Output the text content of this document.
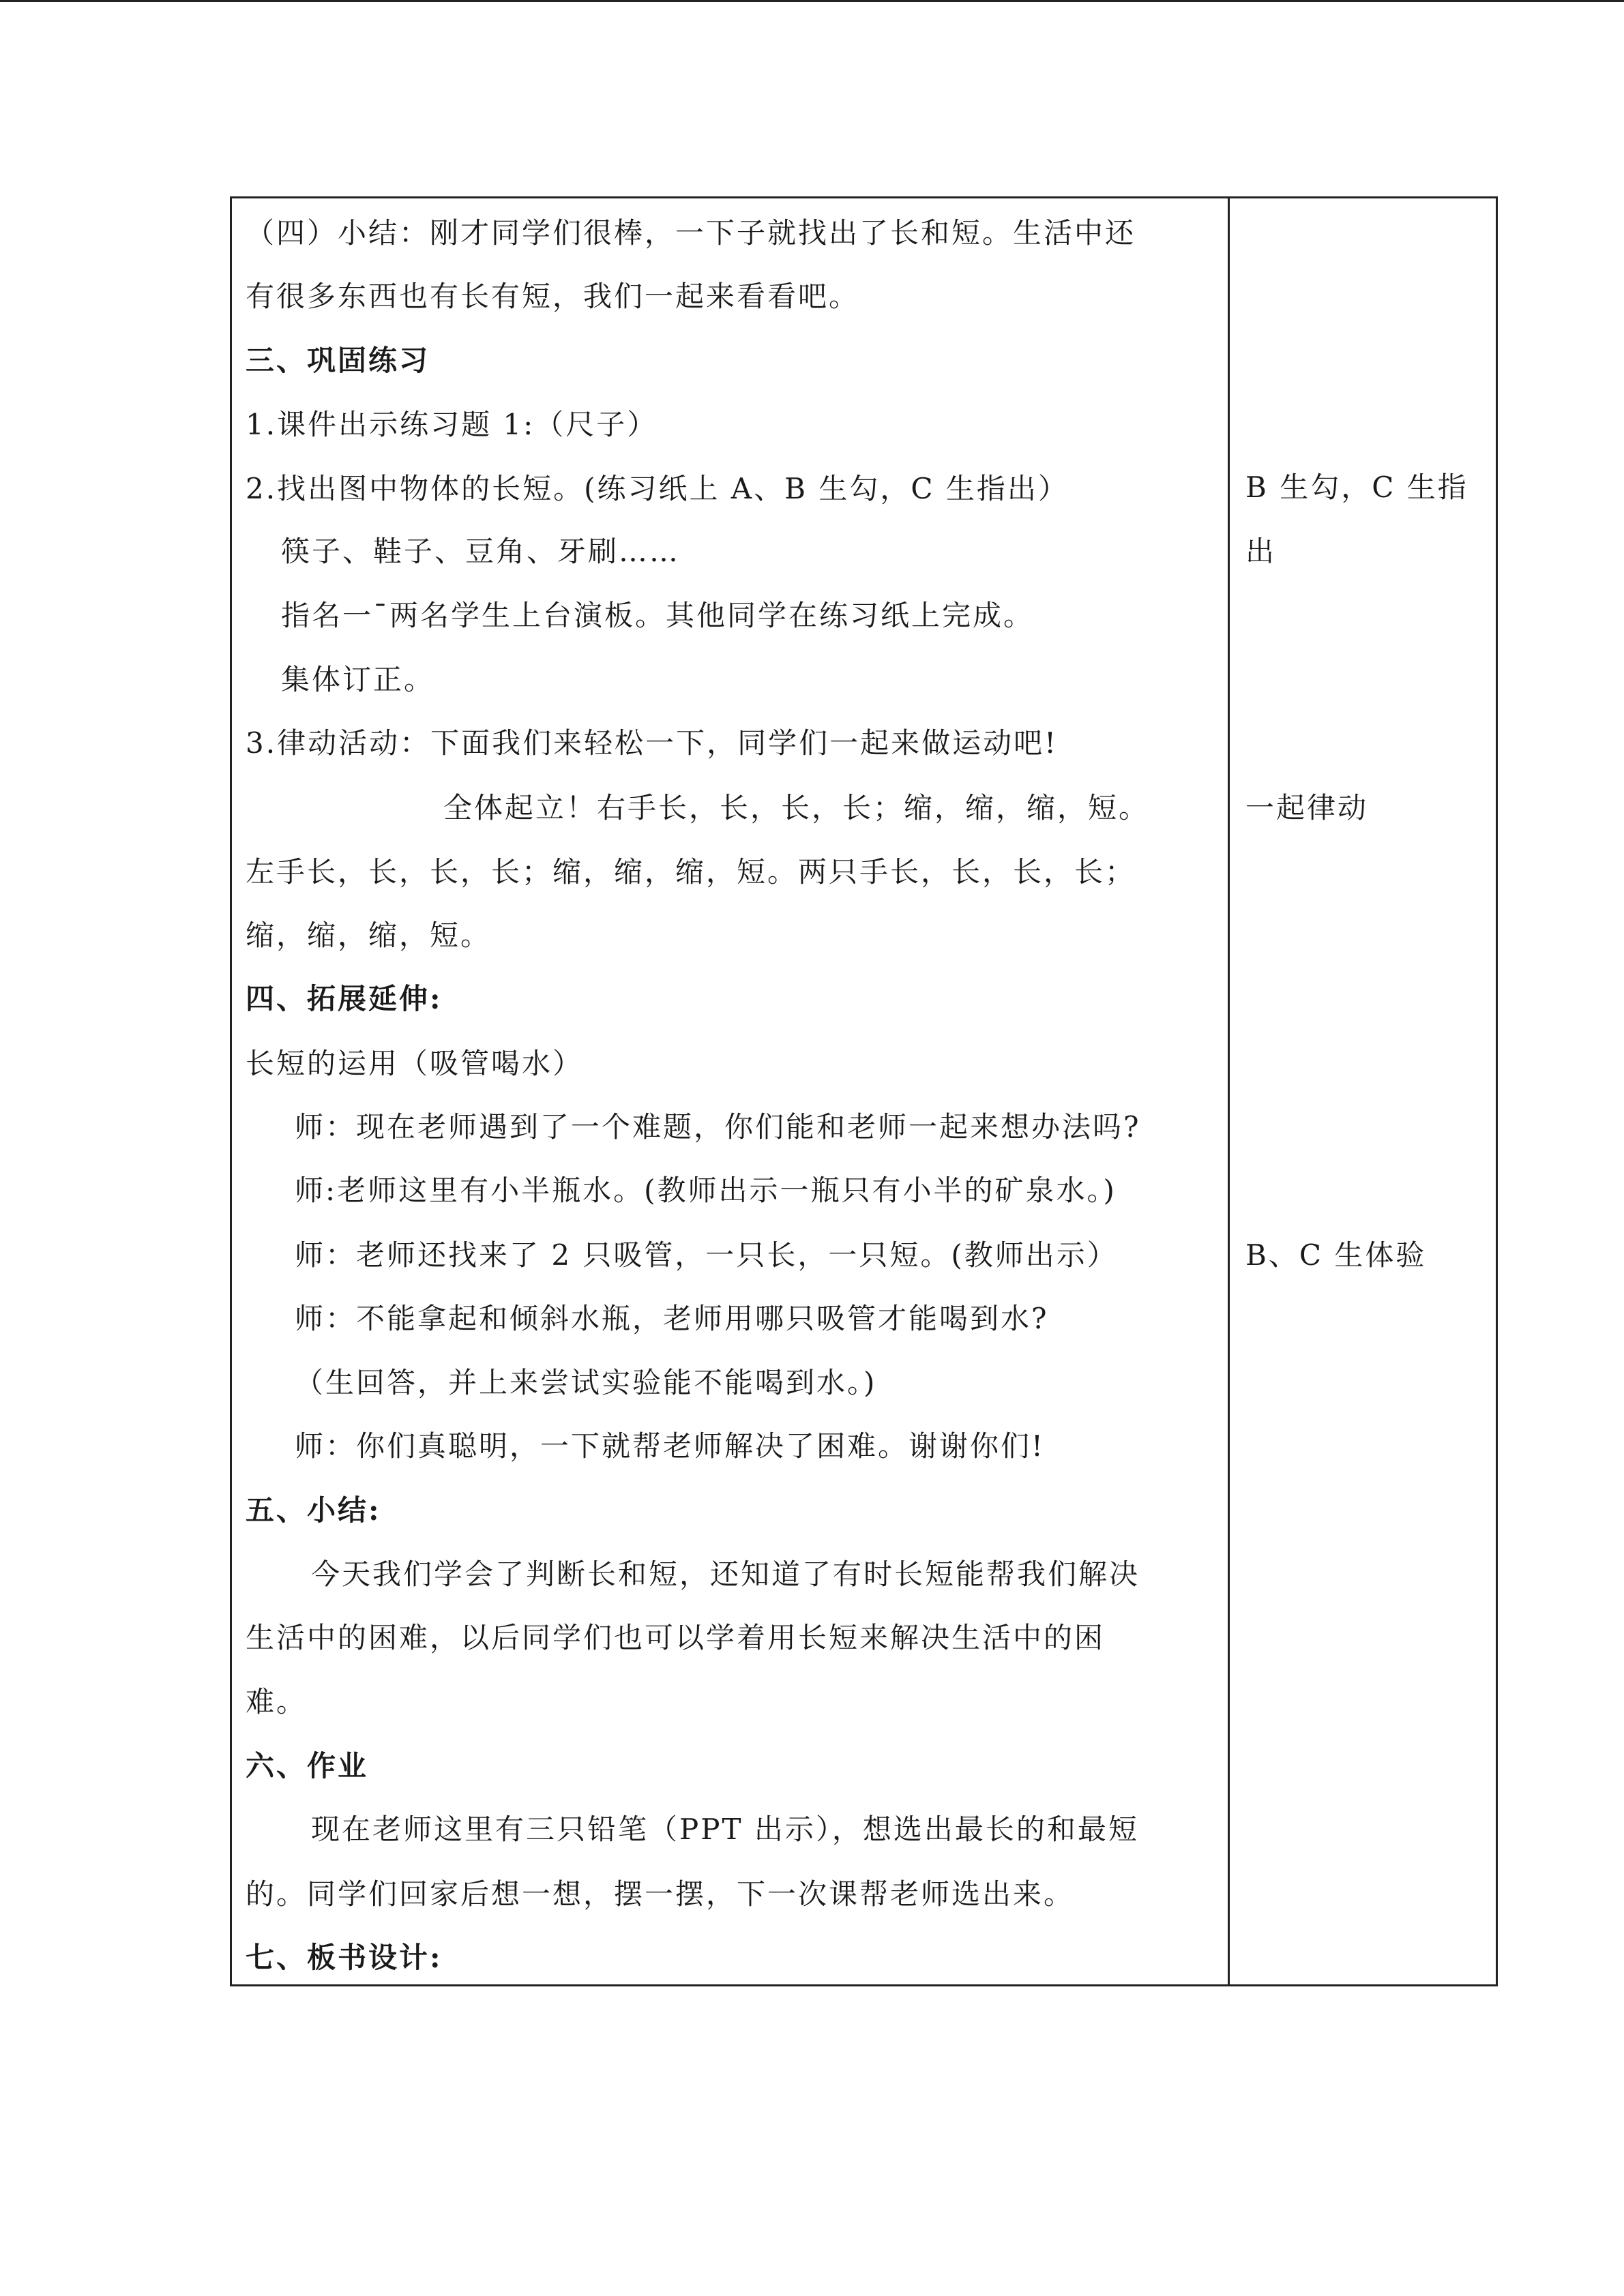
（四）小结：刚才同学们很棒，一下子就找出了长和短。生活中还
有很多东西也有长有短，我们一起来看看吧。
三、巩固练习
1.课件出示练习题 1:（尺子）
2.找出图中物体的长短。(练习纸上 A、B 生勾，C 生指出）
筷子、鞋子、豆角、牙刷……
指名一¯两名学生上台演板。其他同学在练习纸上完成。
集体订正。
3.律动活动：下面我们来轻松一下，同学们一起来做运动吧!
全体起立！右手长，长，长，长；缩，缩，缩，短。
左手长，长，长，长；缩，缩，缩，短。两只手长，长，长，长；
缩，缩，缩，短。
四、拓展延伸:
长短的运用（吸管喝水）
师：现在老师遇到了一个难题，你们能和老师一起来想办法吗?
师:老师这里有小半瓶水。(教师出示一瓶只有小半的矿泉水。)
师：老师还找来了 2 只吸管，一只长，一只短。(教师出示）
师：不能拿起和倾斜水瓶，老师用哪只吸管才能喝到水?
（生回答，并上来尝试实验能不能喝到水。)
师：你们真聪明，一下就帮老师解决了困难。谢谢你们!
五、小结:
今天我们学会了判断长和短，还知道了有时长短能帮我们解决
生活中的困难，以后同学们也可以学着用长短来解决生活中的困
难。
六、作业
现在老师这里有三只铅笔（PPT 出示），想选出最长的和最短
的。同学们回家后想一想，摆一摆，下一次课帮老师选出来。
七、板书设计:
B 生勾，C 生指
出
一起律动
B、C 生体验
